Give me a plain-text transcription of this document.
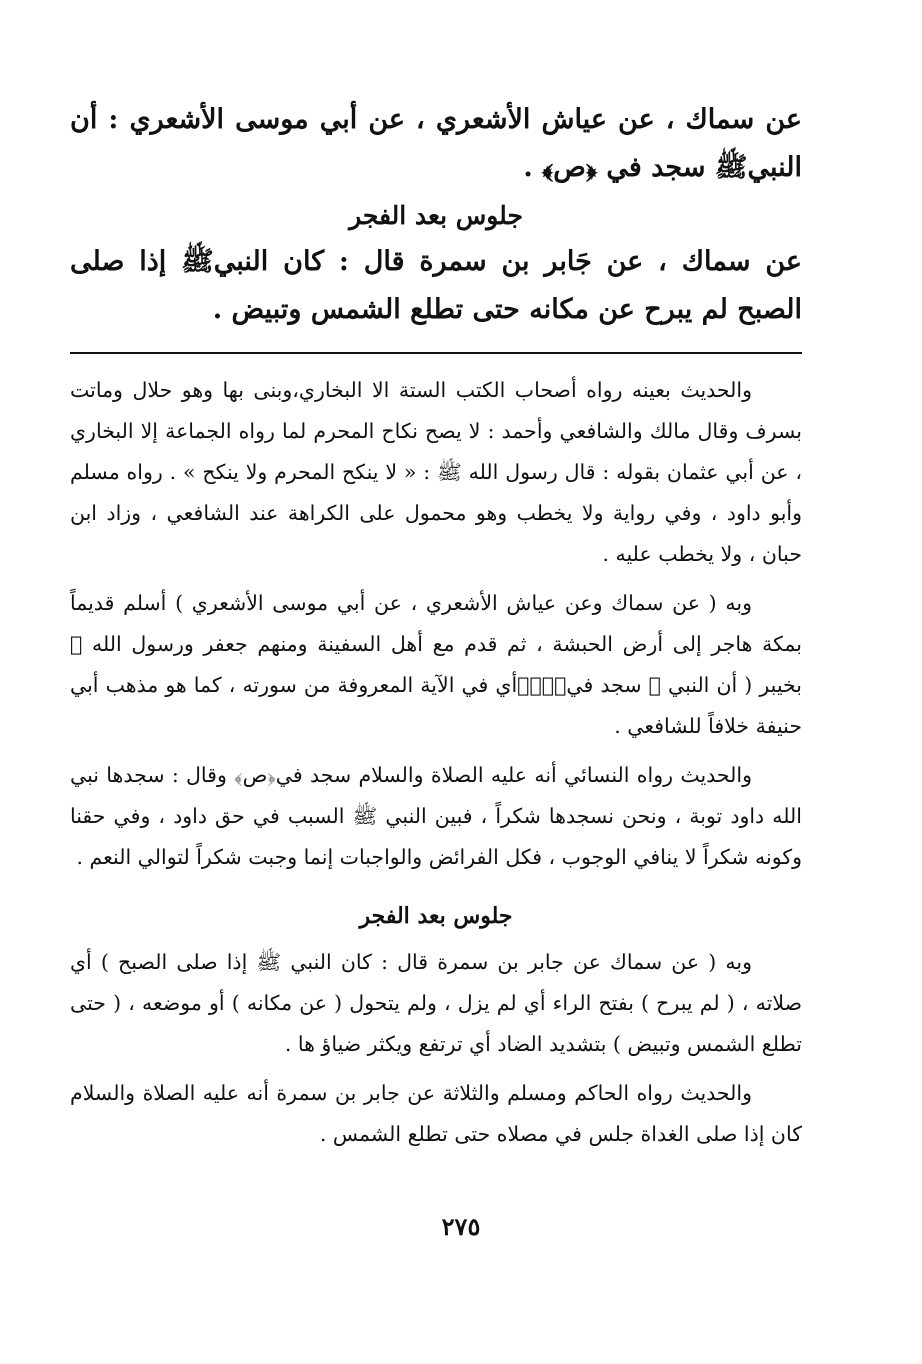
عن سماك ، عن عياش الأشعري ، عن أبي موسى الأشعري : أن النبيﷺ سجد في ﴿ص﴾ .

جلوس بعد الفجر

عن سماك ، عن جَابر بن سمرة قال : كان النبيﷺ إذا صلى الصبح لم يبرح عن مكانه حتى تطلع الشمس وتبيض .

والحديث بعينه رواه أصحاب الكتب الستة الا البخاري،وبنى بها وهو حلال وماتت بسرف وقال مالك والشافعي وأحمد : لا يصح نكاح المحرم لما رواه الجماعة إلا البخاري ، عن أبي عثمان بقوله : قال رسول الله ﷺ : « لا ينكح المحرم ولا ينكح » . رواه مسلم وأبو داود ، وفي رواية ولا يخطب وهو محمول على الكراهة عند الشافعي ، وزاد ابن حبان ، ولا يخطب عليه .

وبه ( عن سماك وعن عياش الأشعري ، عن أبي موسى الأشعري ) أسلم قديماً بمكة هاجر إلى أرض الحبشة ، ثم قدم مع أهل السفينة ومنهم جعفر ورسول الله ﷺ بخيبر ( أن النبي ﷺ سجد في﴿صۤ﴾أي في الآية المعروفة من سورته ، كما هو مذهب أبي حنيفة خلافاً للشافعي .

والحديث رواه النسائي أنه عليه الصلاة والسلام سجد في﴿ص﴾ وقال : سجدها نبي الله داود توبة ، ونحن نسجدها شكراً ، فبين النبي ﷺ السبب في حق داود ، وفي حقنا وكونه شكراً لا ينافي الوجوب ، فكل الفرائض والواجبات إنما وجبت شكراً لتوالي النعم .

جلوس بعد الفجر

وبه ( عن سماك عن جابر بن سمرة قال : كان النبي ﷺ إذا صلى الصبح ) أي صلاته ، ( لم يبرح ) بفتح الراء أي لم يزل ، ولم يتحول ( عن مكانه ) أو موضعه ، ( حتى تطلع الشمس وتبيض ) بتشديد الضاد أي ترتفع ويكثر ضياؤ ها .

والحديث رواه الحاكم ومسلم والثلاثة عن جابر بن سمرة أنه عليه الصلاة والسلام كان إذا صلى الغداة جلس في مصلاه حتى تطلع الشمس .

٢٧٥
